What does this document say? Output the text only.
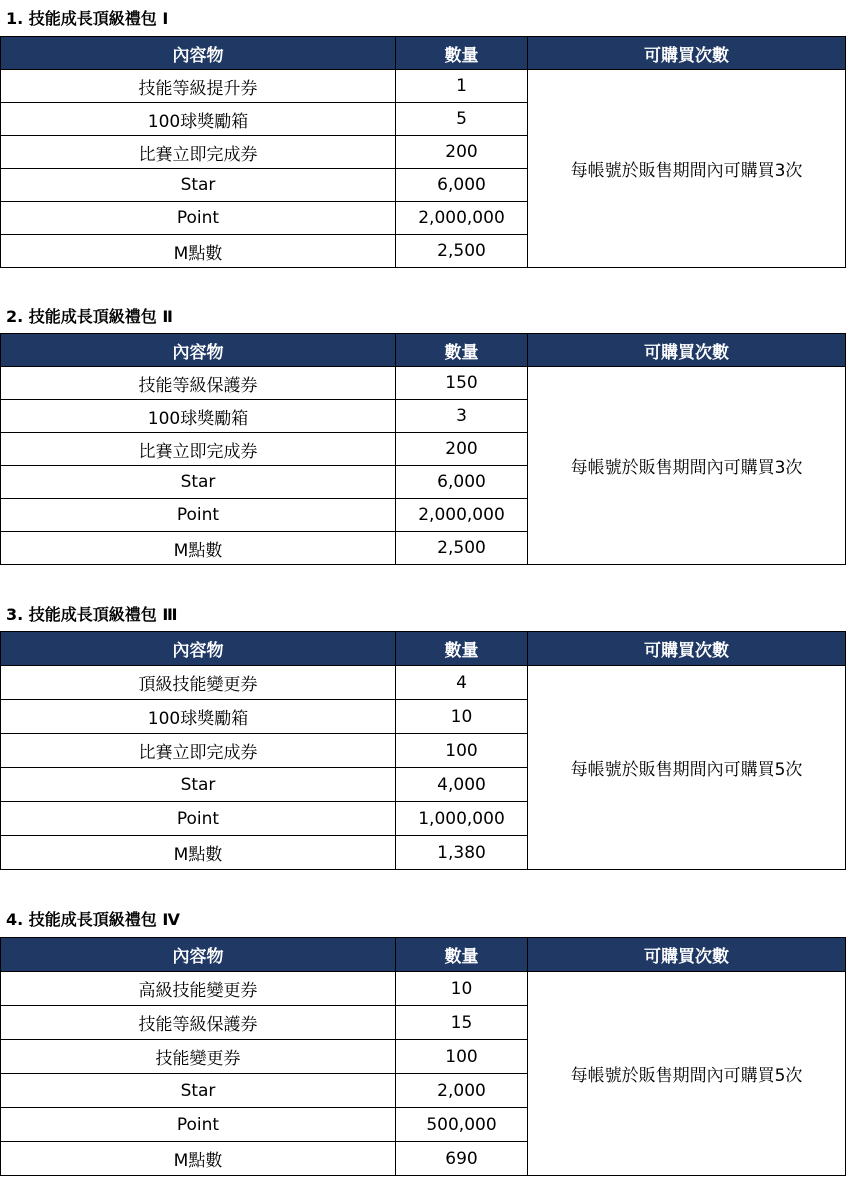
1. 技能成長頂級禮包 Ⅰ
內容物	數量	可購買次數
技能等級提升券	1	每帳號於販售期間內可購買3次
100球獎勵箱	5	
比賽立即完成券	200	
Star	6,000	
Point	2,000,000	
M點數	2,500	
2. 技能成長頂級禮包 Ⅱ
內容物	數量	可購買次數
技能等級保護券	150	每帳號於販售期間內可購買3次
100球獎勵箱	3	
比賽立即完成券	200	
Star	6,000	
Point	2,000,000	
M點數	2,500	
3. 技能成長頂級禮包 Ⅲ
內容物	數量	可購買次數
頂級技能變更券	4	每帳號於販售期間內可購買5次
100球獎勵箱	10	
比賽立即完成券	100	
Star	4,000	
Point	1,000,000	
M點數	1,380	
4. 技能成長頂級禮包 Ⅳ
內容物	數量	可購買次數
高級技能變更券	10	每帳號於販售期間內可購買5次
技能等級保護券	15	
技能變更券	100	
Star	2,000	
Point	500,000	
M點數	690	
